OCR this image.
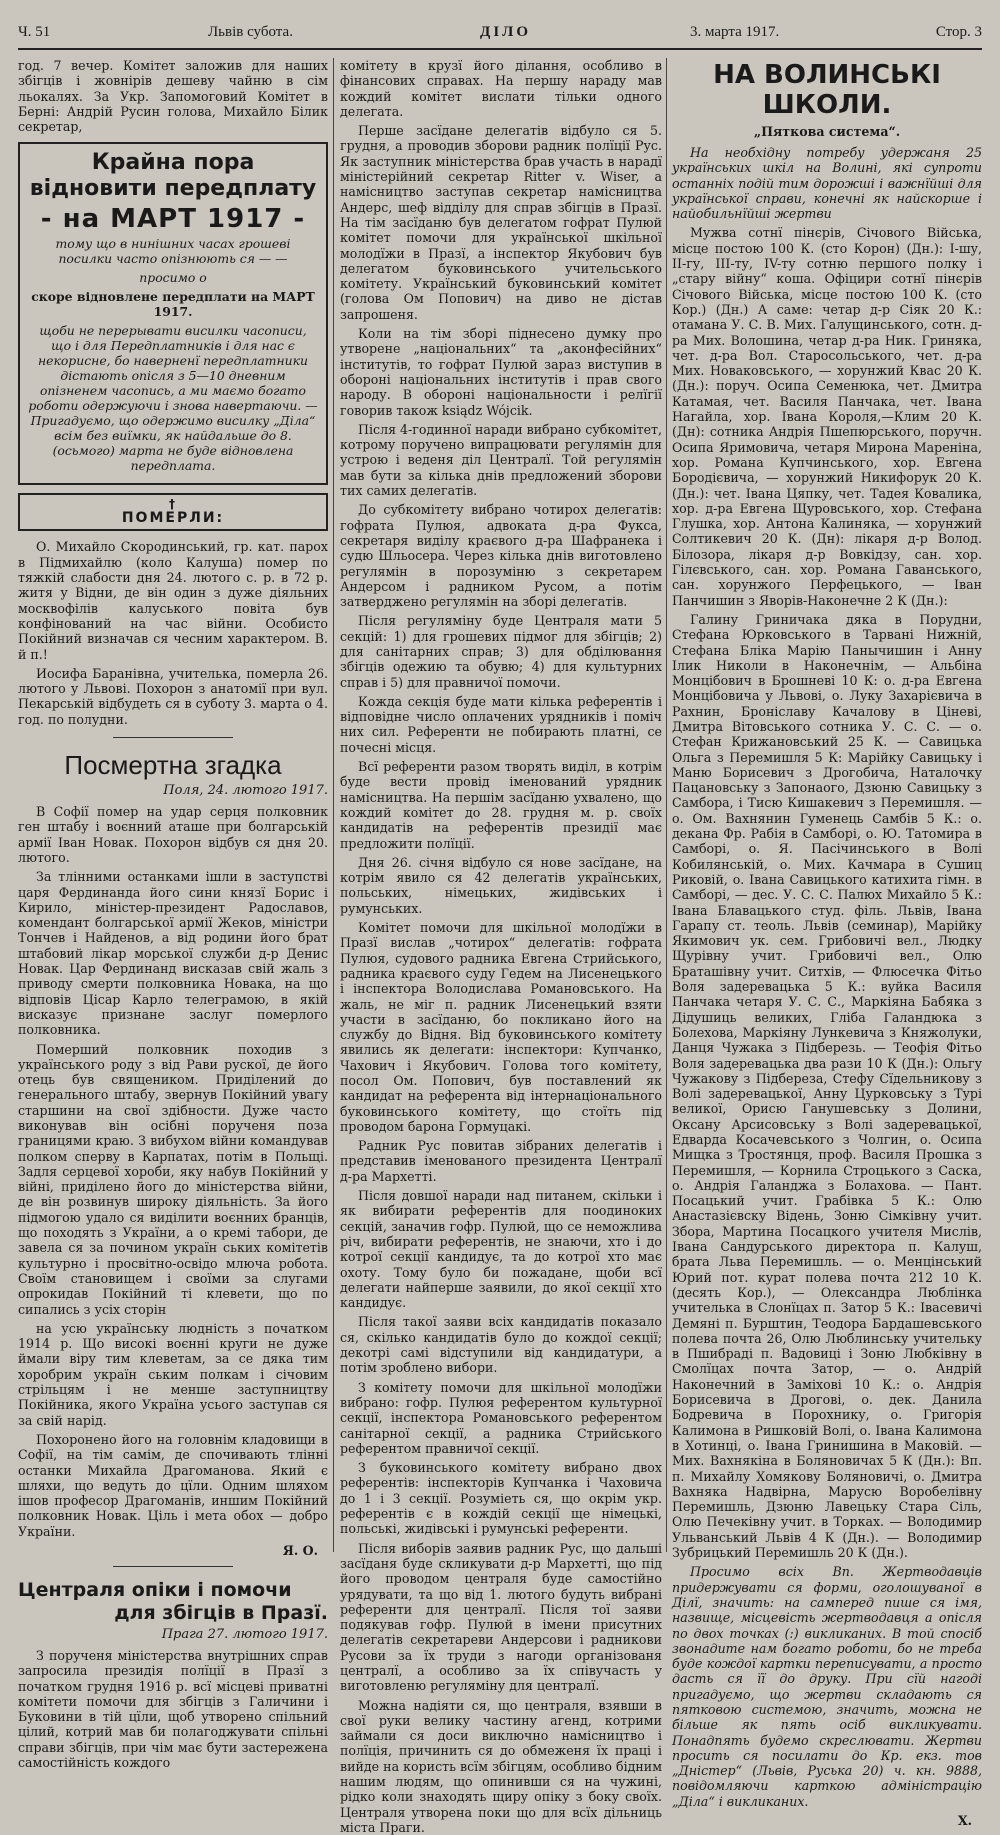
Ч. 51	Львів субота.	ДІЛО	3. марта 1917.	Стор. 3

год. 7 вечер. Комітет заложив для наших збігців і жовнірів дешеву чайню в сім льокалях. За Укр. Запомоговий Комітет в Берні: Андрій Русин голова, Михайло Білик секретар,

Крайна пора відновити передплату
- на МАРТ 1917 -

тому що в нинішних часах грошеві посилки часто опізнюють ся — —

просимо о

скоре відновлене передплати на МАРТ 1917.

щоби не перерывати висилки часописи, що і для Передплатників і для нас є некорисне, бо наверненї передплатники дістають опісля з 5—10 дневним опізненем часопись, а ми маємо богато роботи одержуючи і знова навертаючи. — Пригадуємо, що одержимо висилку „Діла“ всім без виїмки, як найдальше до 8. (осьмого) марта не буде відновлена передплата.

†
ПОМЕРЛИ:

О. Михайло Скородинський, гр. кат. парох в Підмихайлю (коло Калуша) помер по тяжкій слабости дня 24. лютого с. р. в 72 р. житя у Відни, де він один з дуже діяльних москвофілів калуського повіта був конфінований на час війни. Особисто Покійний визначав ся чесним характером. В. й п.!

Иосифа Баранівна, учителька, померла 26. лютого у Львові. Похорон з анатомії при вул. Пекарській відбудеть ся в суботу 3. марта о 4. год. по полудни.

Посмертна згадка
Поля, 24. лютого 1917.

В Софії помер на удар серця полковник ген штабу і воєнний аташе при болгарській армії Іван Новак. Похорон відбув ся дня 20. лютого.

За тлінними останками ішли в заступстві царя Фердинанда його сини князї Борис і Кирило, міністер-президент Радославов, комендант болгарської армії Жеков, міністри Тончев і Найденов, а від родини його брат штабовий лікар морської служби д-р Денис Новак. Цар Фердинанд висказав свій жаль з приводу смерти полковника Новака, на що відповів Цісар Карло телеграмою, в якій висказує признане заслуг померлого полковника.

Померший полковник походив з українського роду з від Рави рускої, де його отець був священиком. Приділений до генерального штабу, звернув Покійний увагу старшини на свої здібности. Дуже часто виконував він осібні порученя поза границями краю. З вибухом війни командував полком сперву в Карпатах, потім в Польщі. Задля серцевої хороби, яку набув Покійний у війні, приділено його до міністерства війни, де він розвинув широку діяльність. За його підмогою удало ся виділити воєнних бранців, що походять з України, а о кремі табори, де завела ся за почином україн ських комітетів культурно і просвітно-освідо млюча робота. Своїм становищем і своїми за слугами опрокидав Покійний ті клевети, що по сипались з усіх сторін

на усю українську людність з початком 1914 р. Що високі воєнні круги не дуже ймали віру тим клеветам, за се дяка тим хоробрим україн ським полкам і січовим стрільцям і не менше заступництву Покійника, якого Україна усього заступав ся за свій нарід.

Похоронено його на головнім кладовищи в Софії, на тім самім, де спочивають тлінні останки Михайла Драгоманова. Який є шляхи, що ведуть до цїли. Одним шляхом ішов професор Драгоманів, иншим Покійний полковник Новак. Ціль і мета обох — добро України.

Я. О.
Централя опіки і помочи
для збігців в Празї.
Прага 27. лютого 1917.

З порученя міністерства внутрішних справ запросила президія полїції в Празї з початком грудня 1916 р. всї місцеві приватні комітети помочи для збігців з Галичини і Буковини в тій цїли, щоб утворено спільний цілий, котрий мав би полагоджувати спільні справи збігців, при чім має бути застережена самостійність кождого

комітету в крузї його ділання, особливо в фінансових справах. На першу нараду мав кождий комітет вислати тільки одного делегата.

Перше засїдане делегатів відбуло ся 5. грудня, а проводив зборови радник полїції Рус. Як заступник міністерства брав участь в нарадї міністерійний секретар Ritter v. Wiser, а намісництво заступав секретар намісництва Андерс, шеф відділу для справ збігців в Празї. На тім засїданю був делегатом гофрат Пулюй комітет помочи для української шкільної молодїжи в Празї, а інспектор Якубович був делегатом буковинського учительського комітету. Український буковинський комітет (голова Ом Попович) на диво не дістав запрошеня.

Коли на тім зборі піднесено думку про утворене „національних“ та „аконфесійних“ інститутів, то гофрат Пулюй зараз виступив в обороні національних інститутів і прав свого народу. В обороні національности і релїгії говорив також ksiądz Wójcik.

Після 4-годинної наради вибрано субкомітет, котрому поручено випрацювати регулямін для устрою і веденя діл Централї. Той регулямін мав бути за кілька днів предложений зборови тих самих делегатів.

До субкомітету вибрано чотирох делегатів: гофрата Пулюя, адвоката д-ра Фукса, секретаря виділу краєвого д-ра Шафранека і судю Шльосера. Через кілька днів виготовлено регулямін в порозуміню з секретарем Андерсом і радником Русом, а потім затверджено регулямін на зборі делегатів.

Після регуляміну буде Централя мати 5 секцій: 1) для грошевих підмог для збігців; 2) для санітарних справ; 3) для обділювання збігців одежию та обувю; 4) для культурних справ і 5) для правничої помочи.

Кожда секція буде мати кілька референтів і відповідне число оплачених урядників і поміч них сил. Референти не побирають платні, се почесні місця.

Всї референти разом творять виділ, в котрім буде вести провід іменований урядник намісництва. На першім засїданю ухвалено, що кождий комітет до 28. грудня м. р. своїх кандидатів на референтів президії має предложити полїції.

Дня 26. січня відбуло ся нове засїдане, на котрім явило ся 42 делегатів українських, польських, німецьких, жидівських і румунських.

Комітет помочи для шкільної молодїжи в Празї вислав „чотирох“ делегатів: гофрата Пулюя, судового радника Евгена Стрийського, радника краєвого суду Гедем на Лисенецького і інспектора Володислава Романовського. На жаль, не міг п. радник Лисенецький взяти участи в засїданю, бо покликано його на службу до Відня. Від буковинського комітету явились як делегати: інспектори: Купчанко, Чахович і Якубович. Голова того комітету, посол Ом. Попович, був поставлений як кандидат на референта від інтернаціонального буковинського комітету, що стоїть під проводом барона Гормуцакі.

Радник Рус повитав зібраних делегатів і представив іменованого президента Централї д-ра Мархетті.

Після довшої наради над питанем, скільки і як вибирати референтів для поодиноких секцій, заначив гофр. Пулюй, що се неможлива річ, вибирати референтів, не знаючи, хто і до котрої секції кандидує, та до котрої хто має охоту. Тому було би пожадане, щоби всї делегати найперше заявили, до якої секції хто кандидує.

Після такої заяви всіх кандидатів показало ся, скілько кандидатів було до кождої секції; декотрі самі відступили від кандидатури, а потім зроблено вибори.

З комітету помочи для шкільної молодїжи вибрано: гофр. Пулюя референтом культурної секції, інспектора Романовського референтом санітарної секції, а радника Стрийського референтом правничої секції.

З буковинського комітету вибрано двох референтів: інспекторів Купчанка і Чаховича до 1 і 3 секції. Розуміеть ся, що окрім укр. референтів є в кождій секції ще німецькі, польські, жидівські і румунські референти.

Після виборів заявив радник Рус, що дальші засїданя буде скликувати д-р Мархетті, що під його проводом централя буде самостійно урядувати, та що від 1. лютого будуть вибрані референти для централї. Після тої заяви подякував гофр. Пулюй в імени присутних делегатів секретареви Андерсови і радникови Русови за їх труди з нагоди організованя централї, а особливо за їх співучасть у виготовленю регуляміну для централї.

Можна надіяти ся, що централя, взявши в свої руки велику частину агенд, котрими займали ся доси виключно намісництво і полїція, причинить ся до обмеженя їх праці і вийде на користь всїм збігцям, особливо бідним нашим людям, що опинивши ся на чужині, рідко коли знаходять щиру опіку з боку своїх. Централя утворена поки що для всїх дільниць міста Праги.

НА ВОЛИНСЬКІ ШКОЛИ.
„Пяткова система“.

На необхідну потребу удержаня 25 українських шкіл на Волині, які супроти останніх подій тим дорожші і важнїйші для української справи, конечні як найскорше і найобильнїйші жертви

Мужва сотнї пінєрів, Січового Війська, місце постою 100 К. (сто Корон) (Дн.): І-шу, ІІ-гу, ІІІ-ту, IV-ту сотню першого полку і „стару війну“ коша. Офіцири сотнї пінєрів Січового Війська, місце постою 100 К. (сто Кор.) (Дн.) А саме: четар д-р Сіяк 20 К.: отамана У. С. В. Мих. Галущинського, сотн. д-ра Мих. Волошина, четар д-ра Ник. Гриняка, чет. д-ра Вол. Старосольського, чет. д-ра Мих. Новаковського, — хорунжий Квас 20 К. (Дн.): поруч. Осипа Семенюка, чет. Дмитра Катамая, чет. Василя Панчака, чет. Івана Нагайла, хор. Івана Короля,—Клим 20 К. (Дн): сотника Андрія Пшепюрського, поручн. Осипа Яримовича, четаря Мирона Мареніна, хор. Романа Купчинського, хор. Евгена Бородієвича, — хорунжий Никифорук 20 К. (Дн.): чет. Івана Цяпку, чет. Тадея Ковалика, хор. д-ра Евгена Щуровського, хор. Стефана Глушка, хор. Антона Калиняка, — хорунжий Солтикевич 20 К. (Дн): лікаря д-р Волод. Білозора, лікаря д-р Вовкiдзу, сан. хор. Гілєвського, сан. хор. Романа Гаванського, сан. хорунжого Перфецького, — Іван Панчишин з Яворів-Наконечне 2 К (Дн.):

Галину Гриничака дяка в Порудни, Стефана Юрковського в Тарвані Нижній, Стефана Бліка Марію Панычишин і Анну Ілик Николи в Наконечнім, — Альбіна Монцібович в Брошневі 10 К: о. д-ра Евгена Монцібовича у Львові, о. Луку Захарієвича в Рахнин, Броніславу Качалову в Ціневі, Дмитра Вітовського сотника У. С. С. — о. Стефан Крижановський 25 К. — Савицька Ольга з Перемишля 5 К: Марійку Савицьку і Маню Борисевич з Дрогобича, Наталочку Пацановську з Запонаого, Дзюню Савицьку з Самбора, і Тисю Кишакевич з Перемишля. — о. Ом. Вахнянин Гуменець Самбів 5 К.: о. декана Фр. Рабія в Самборі, о. Ю. Татомира в Самборі, о. Я. Пасічинського в Волі Кобилянській, о. Мих. Качмара в Сушиц Риковій, о. Івана Савицького катихита гімн. в Самборі, — дес. У. С. С. Палюх Михайло 5 К.: Івана Блавацького студ. філь. Львів, Івана Гарапу ст. теоль. Львів (семинар), Марійку Якимович ук. сем. Грибовичі вел., Людку Щурівну учит. Грибовичі вел., Олю Браташівну учит. Ситхів, — Флюсечка Фітьо Воля задеревацька 5 К.: вуйка Василя Панчака четаря У. С. С., Маркіяна Бабяка з Дідушиць великих, Гліба Галандюка з Болехова, Маркіяну Лункевича з Княжолуки, Данця Чужака з Підберезь. — Теофія Фітьо Воля задеревацька два рази 10 К (Дн.): Ольгу Чужакову з Підбереза, Стефу Сїдельникову з Волі задеревацької, Анну Цурковську з Турі великої, Орисю Ганушевську з Долини, Оксану Арсисовську з Волі задеревацької, Едварда Косачевського з Чолгин, о. Осипа Мищка з Тростянця, проф. Василя Прошка з Перемишля, — Корнила Строцького з Саска, о. Андрія Галанджа з Болахова. — Пант. Посацький учит. Грабівка 5 К.: Олю Анастазієвску Відень, Зоню Сімківну учит. Збора, Мартина Посацкого учителя Мислів, Івана Сандурського директора п. Калуш, брата Льва Перемишль. — о. Менцінський Юрий пот. курат полева почта 212 10 К. (десять Кор.), — Олександра Люблінка учителька в Слонїцах п. Затор 5 К.: Івасевичі Демяні п. Бурштин, Теодора Бардашевського полева почта 26, Олю Люблинську учительку в Пшибраді п. Вадовиці і Зоню Любківну в Смолїцах почта Затор, — о. Андрій Наконечний в Заміхові 10 К.: о. Андрія Борисевича в Дрогові, о. дек. Данила Бодревича в Порохнику, о. Григорія Калимона в Ришковій Волі, о. Івана Калимона в Хотинці, о. Івана Гринишина в Маковій. — Мих. Вахнякіна в Боляновичах 5 К (Дн.): Вп. п. Михайлу Хомякову Боляновичі, о. Дмитра Вахняка Надвірна, Марусю Воробелівну Перемишль, Дзюню Лавецьку Стара Сіль, Олю Печеківну учит. в Торках. — Володимир Ульванський Львів 4 К (Дн.). — Володимир Зубрицький Перемишль 20 К (Дн.).

Просимо всіх Вп. Жертводавців придержувати ся форми, оголошуваної в Ділї, значить: на самперед пише ся імя, назвище, місцевість жертводавця а опісля по двох точках (:) викликаних. В той спосіб звонадите нам богато роботи, бо не треба буде кождої картки переписувати, а просто дасть ся її до друку. При сїй нагоді пригадуємо, що жертви складають ся пятковою системою, значить, можна не більше як пять осіб викликувати. Понадпять будемо скреслювати. Жертви просить ся посилати до Кр. екз. тов „Дністер“ (Львів, Руська 20) ч. кн. 9888, повідомляючи карткою адміністрацію „Діла“ і викликаних.

Х.
